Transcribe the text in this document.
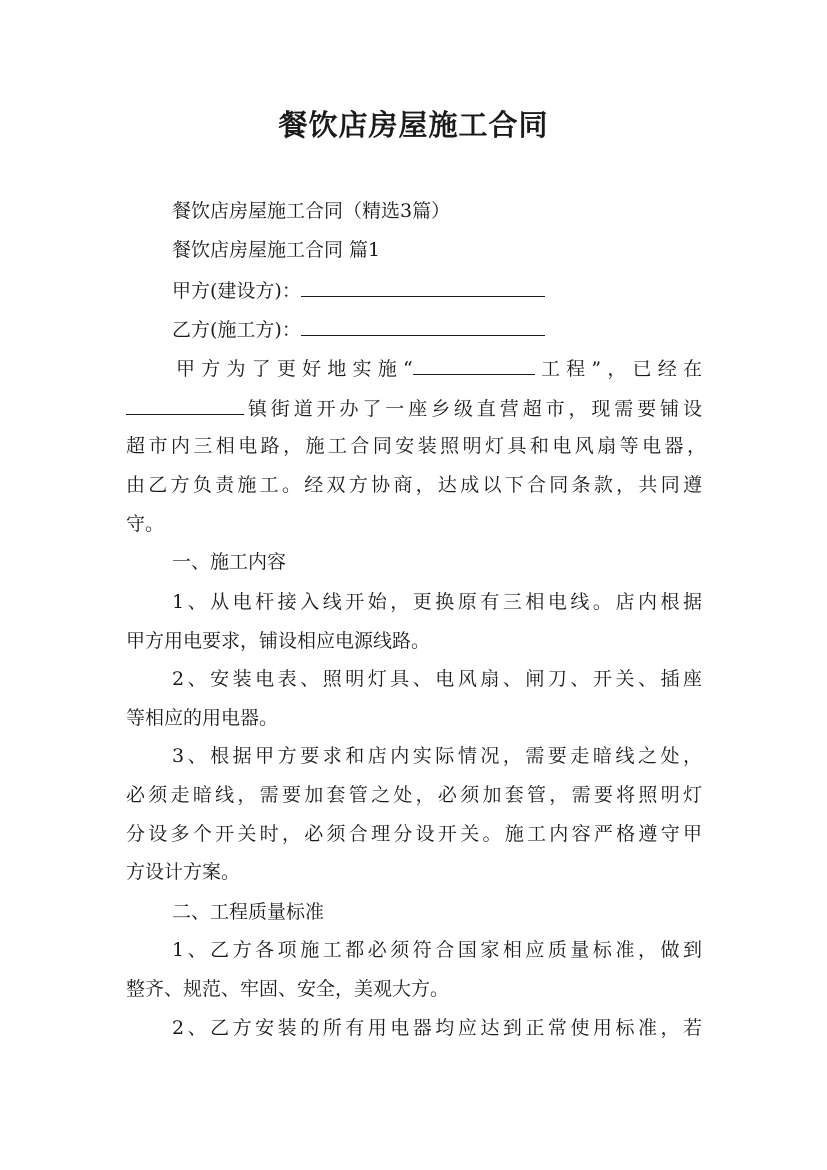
餐饮店房屋施工合同
餐饮店房屋施工合同（精选3篇）
餐饮店房屋施工合同 篇1
甲方(建设方)：
乙方(施工方)：
甲方为了更好地实施“	工程”，已经在
镇街道开办了一座乡级直营超市，现需要铺设
超市内三相电路，施工合同安装照明灯具和电风扇等电器，
由乙方负责施工。经双方协商，达成以下合同条款，共同遵
守。
一、施工内容
1、从电杆接入线开始，更换原有三相电线。店内根据
甲方用电要求，铺设相应电源线路。
2、安装电表、照明灯具、电风扇、闸刀、开关、插座
等相应的用电器。
3、根据甲方要求和店内实际情况，需要走暗线之处，
必须走暗线，需要加套管之处，必须加套管，需要将照明灯
分设多个开关时，必须合理分设开关。施工内容严格遵守甲
方设计方案。
二、工程质量标准
1、乙方各项施工都必须符合国家相应质量标准，做到
整齐、规范、牢固、安全，美观大方。
2、乙方安装的所有用电器均应达到正常使用标准，若
